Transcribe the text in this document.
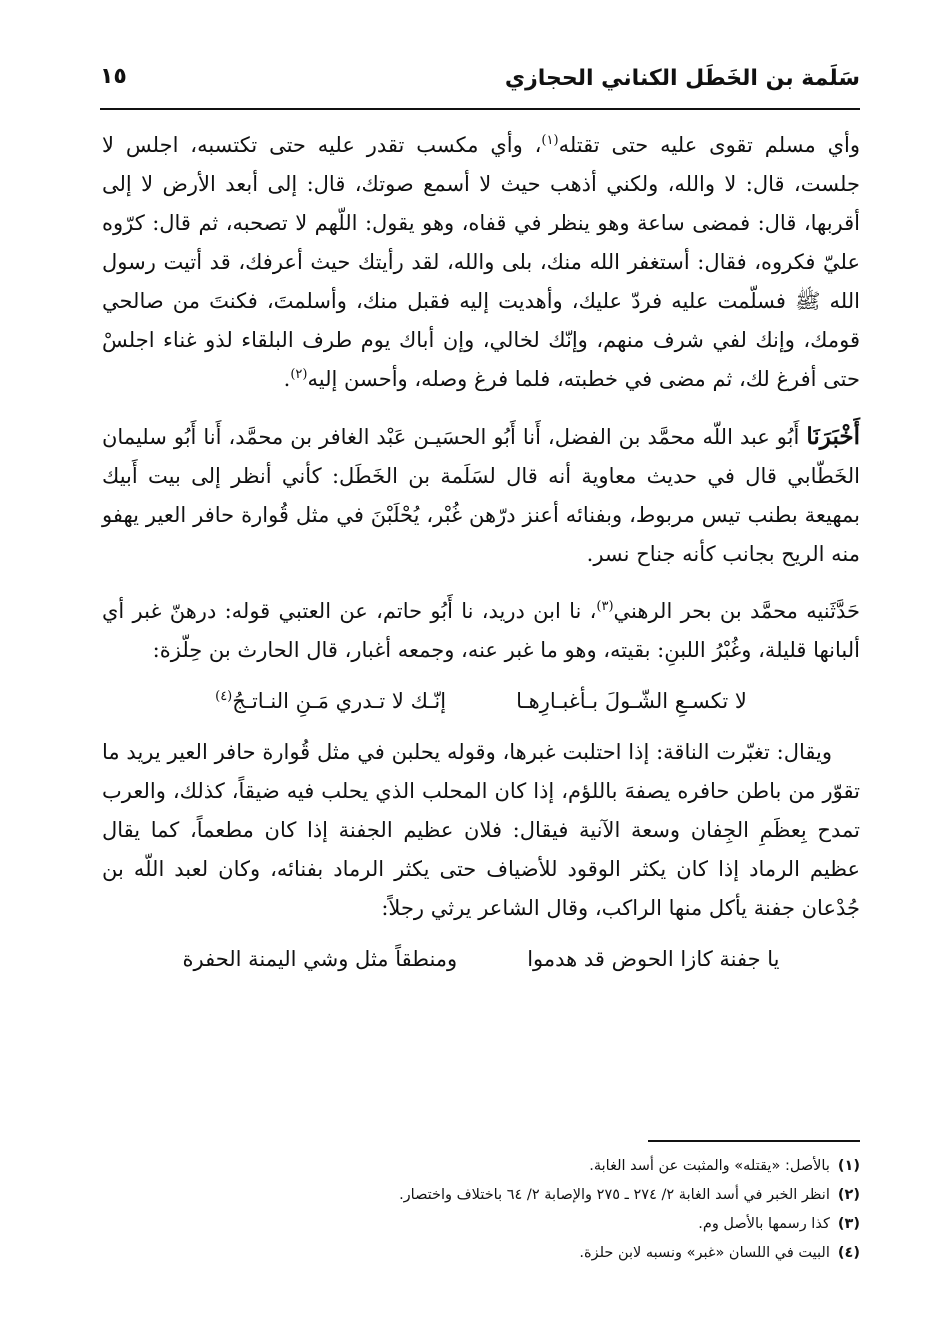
سَلَمة بن الخَطَل الكناني الحجازي
١٥

وأي مسلم تقوى عليه حتى تقتله$^{(١)}$، وأي مكسب تقدر عليه حتى تكتسبه، اجلس لا جلست، قال: لا والله، ولكني أذهب حيث لا أسمع صوتك، قال: إلى أبعد الأرض لا إلى أقربها، قال: فمضى ساعة وهو ينظر في قفاه، وهو يقول: اللّهم لا تصحبه، ثم قال: كرّوه عليّ فكروه، فقال: أستغفر الله منك، بلى والله، لقد رأيتك حيث أعرفك، قد أتيت رسول الله ﷺ فسلّمت عليه فردّ عليك، وأهديت إليه فقبل منك، وأسلمتَ، فكنتَ من صالحي قومك، وإنك لفي شرف منهم، وإنّك لخالي، وإن أباك يوم طرف البلقاء لذو غناء اجلسْ حتى أفرغ لك، ثم مضى في خطبته، فلما فرغ وصله، وأحسن إليه$^{(٢)}$.

أَخْبَرَنَا أَبُو عبد اللّه محمَّد بن الفضل، أَنا أَبُو الحسَيـن عَبْد الغافر بن محمَّد، أَنا أَبُو سليمان الخَطّابي قال في حديث معاوية أنه قال لسَلَمة بن الخَطَل: كأني أنظر إلى بيت أَبيك بمهيعة بطنب تيس مربوط، وبفنائه أعنز درّهن غُبْر، يُحْلَبْنَ في مثل قُوارة حافر العير يهفو منه الريح بجانب كأنه جناح نسر.

حَدَّثَنيه محمَّد بن بحر الرهني$^{(٣)}$، نا ابن دريد، نا أَبُو حاتم، عن العتبي قوله: درهنّ غبر أي ألبانها قليلة، وغُبْرُ اللبنِ: بقيته، وهو ما غبر عنه، وجمعه أغبار، قال الحارث بن حِلّزة:

لا تكسـعِ الشّـولَ بـأغبـارِهـا
إنّـك لا تـدري مَـنِ النـاتـجُ$^{(٤)}$

ويقال: تغبّرت الناقة: إذا احتلبت غبرها، وقوله يحلبن في مثل قُوارة حافر العير يريد ما تقوّر من باطن حافره يصفهَ باللؤم، إذا كان المحلب الذي يحلب فيه ضيقاً، كذلك، والعرب تمدح بِعظَمِ الجِفان وسعة الآنية فيقال: فلان عظيم الجفنة إذا كان مطعماً، كما يقال عظيم الرماد إذا كان يكثر الوقود للأضياف حتى يكثر الرماد بفنائه، وكان لعبد اللّه بن جُدْعان جفنة يأكل منها الراكب، وقال الشاعر يرثي رجلاً:

يا جفنة كازا الحوض قد هدموا
ومنطقاً مثل وشي اليمنة الحفرة

(١)بالأصل: «يقتله» والمثبت عن أسد الغابة.

(٢)انظر الخبر في أسد الغابة ٢/ ٢٧٤ ـ ٢٧٥ والإصابة ٢/ ٦٤ باختلاف واختصار.

(٣)كذا رسمها بالأصل وم.

(٤)البيت في اللسان «غبر» ونسبه لابن حلزة.
